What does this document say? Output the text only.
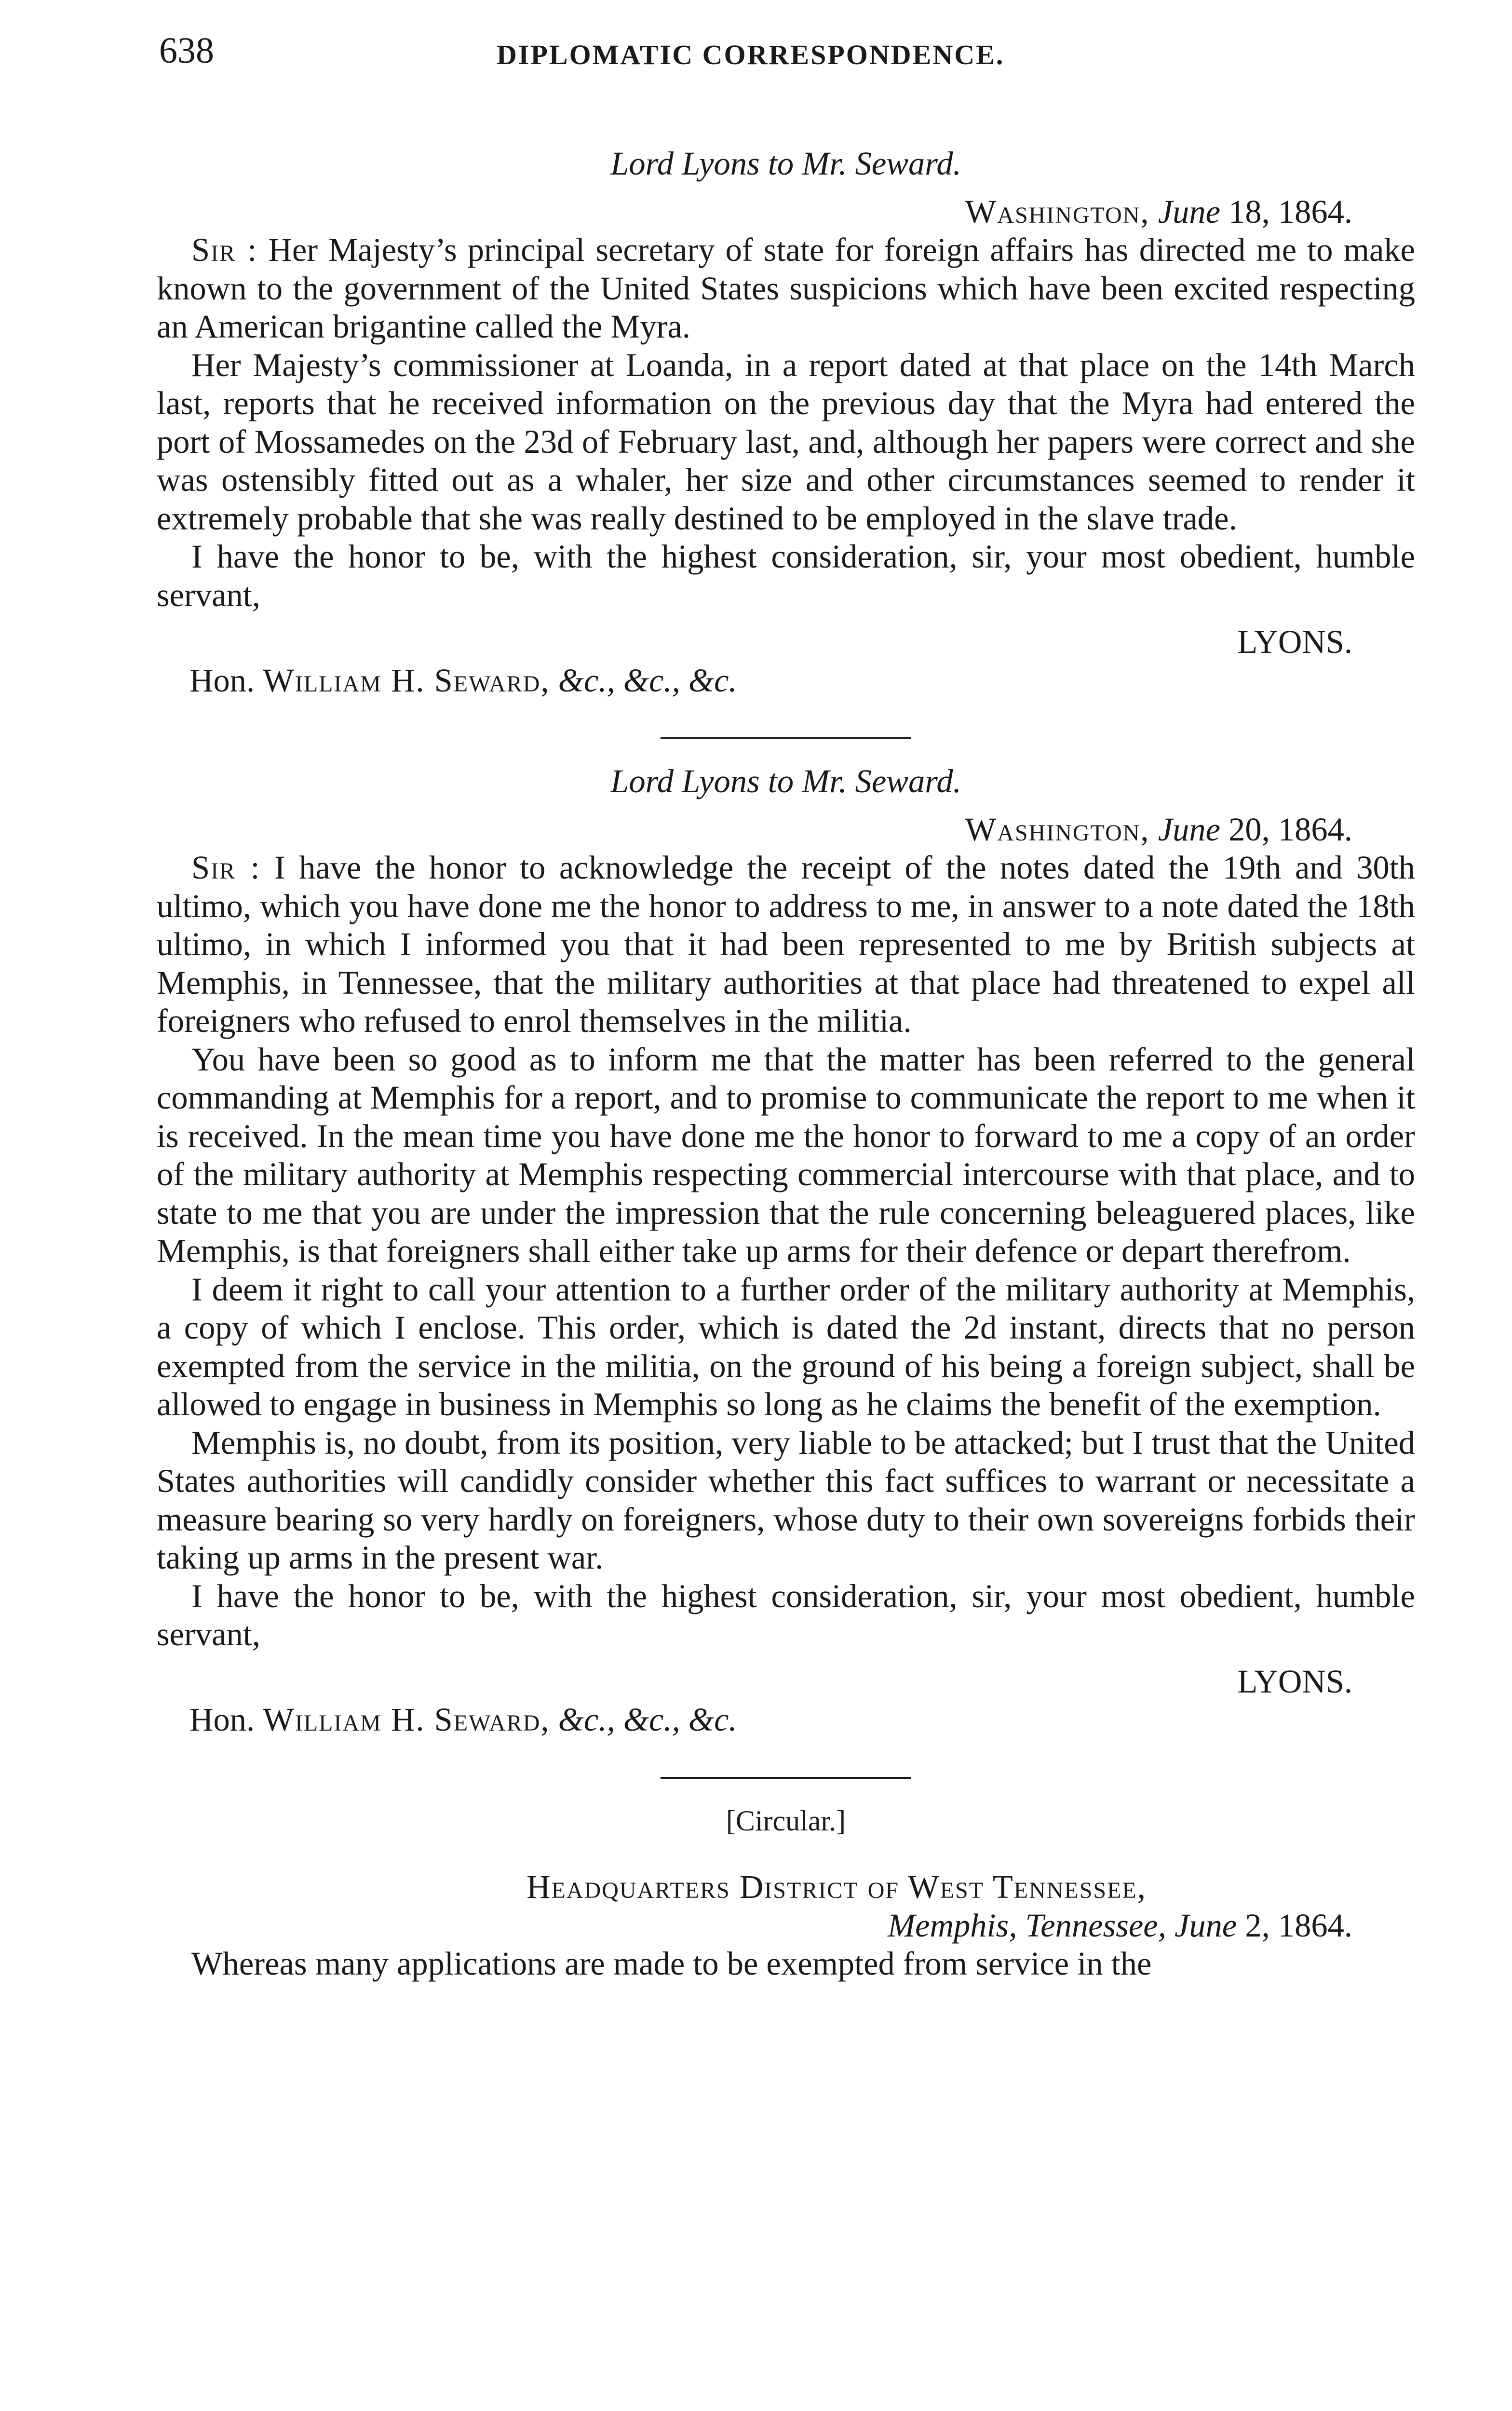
638	DIPLOMATIC CORRESPONDENCE.
Lord Lyons to Mr. Seward.
Washington, June 18, 1864.

Sir : Her Majesty’s principal secretary of state for foreign affairs has directed me to make known to the government of the United States suspicions which have been excited respecting an American brigantine called the Myra.

Her Majesty’s commissioner at Loanda, in a report dated at that place on the 14th March last, reports that he received information on the previous day that the Myra had entered the port of Mossamedes on the 23d of February last, and, although her papers were correct and she was ostensibly fitted out as a whaler, her size and other circumstances seemed to render it extremely probable that she was really destined to be employed in the slave trade.

I have the honor to be, with the highest consideration, sir, your most obedient, humble servant,

LYONS.
Hon. William H. Seward, &c., &c., &c.
Lord Lyons to Mr. Seward.
Washington, June 20, 1864.

Sir : I have the honor to acknowledge the receipt of the notes dated the 19th and 30th ultimo, which you have done me the honor to address to me, in answer to a note dated the 18th ultimo, in which I informed you that it had been represented to me by British subjects at Memphis, in Tennessee, that the military authorities at that place had threatened to expel all foreigners who refused to enrol themselves in the militia.

You have been so good as to inform me that the matter has been referred to the general commanding at Memphis for a report, and to promise to communicate the report to me when it is received. In the mean time you have done me the honor to forward to me a copy of an order of the military authority at Memphis respecting commercial intercourse with that place, and to state to me that you are under the impression that the rule concerning beleaguered places, like Memphis, is that foreigners shall either take up arms for their defence or depart therefrom.

I deem it right to call your attention to a further order of the military authority at Memphis, a copy of which I enclose. This order, which is dated the 2d instant, directs that no person exempted from the service in the militia, on the ground of his being a foreign subject, shall be allowed to engage in business in Memphis so long as he claims the benefit of the exemption.

Memphis is, no doubt, from its position, very liable to be attacked; but I trust that the United States authorities will candidly consider whether this fact suffices to warrant or necessitate a measure bearing so very hardly on foreigners, whose duty to their own sovereigns forbids their taking up arms in the present war.

I have the honor to be, with the highest consideration, sir, your most obedient, humble servant,

LYONS.
Hon. William H. Seward, &c., &c., &c.
[Circular.]
Headquarters District of West Tennessee,
Memphis, Tennessee, June 2, 1864.

Whereas many applications are made to be exempted from service in the
